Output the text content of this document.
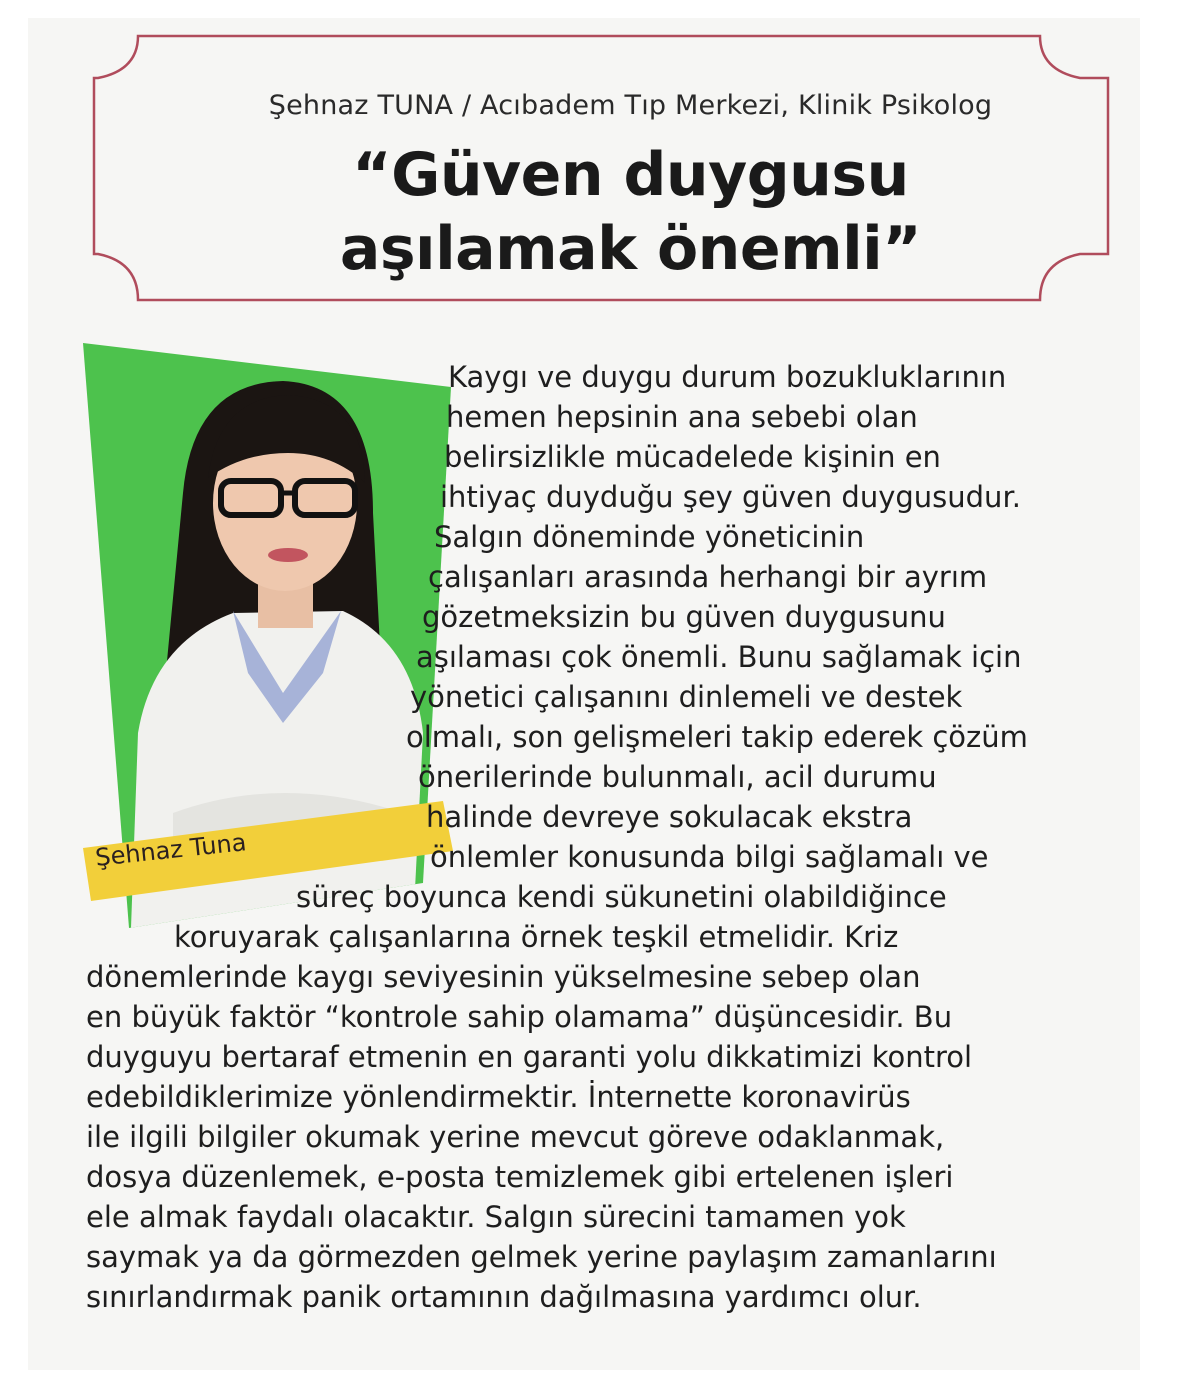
Şehnaz Tuna
Şehnaz TUNA / Acıbadem Tıp Merkezi, Klinik Psikolog
“Güven duygusu
aşılamak önemli”
Kaygı ve duygu durum bozukluklarının
hemen hepsinin ana sebebi olan
belirsizlikle mücadelede kişinin en
ihtiyaç duyduğu şey güven duygusudur.
Salgın döneminde yöneticinin
çalışanları arasında herhangi bir ayrım
gözetmeksizin bu güven duygusunu
aşılaması çok önemli. Bunu sağlamak için
yönetici çalışanını dinlemeli ve destek
olmalı, son gelişmeleri takip ederek çözüm
önerilerinde bulunmalı, acil durumu
halinde devreye sokulacak ekstra
önlemler konusunda bilgi sağlamalı ve
süreç boyunca kendi sükunetini olabildiğince
koruyarak çalışanlarına örnek teşkil etmelidir. Kriz
dönemlerinde kaygı seviyesinin yükselmesine sebep olan
en büyük faktör “kontrole sahip olamama” düşüncesidir. Bu
duyguyu bertaraf etmenin en garanti yolu dikkatimizi kontrol
edebildiklerimize yönlendirmektir. İnternette koronavirüs
ile ilgili bilgiler okumak yerine mevcut göreve odaklanmak,
dosya düzenlemek, e-posta temizlemek gibi ertelenen işleri
ele almak faydalı olacaktır. Salgın sürecini tamamen yok
saymak ya da görmezden gelmek yerine paylaşım zamanlarını
sınırlandırmak panik ortamının dağılmasına yardımcı olur.
